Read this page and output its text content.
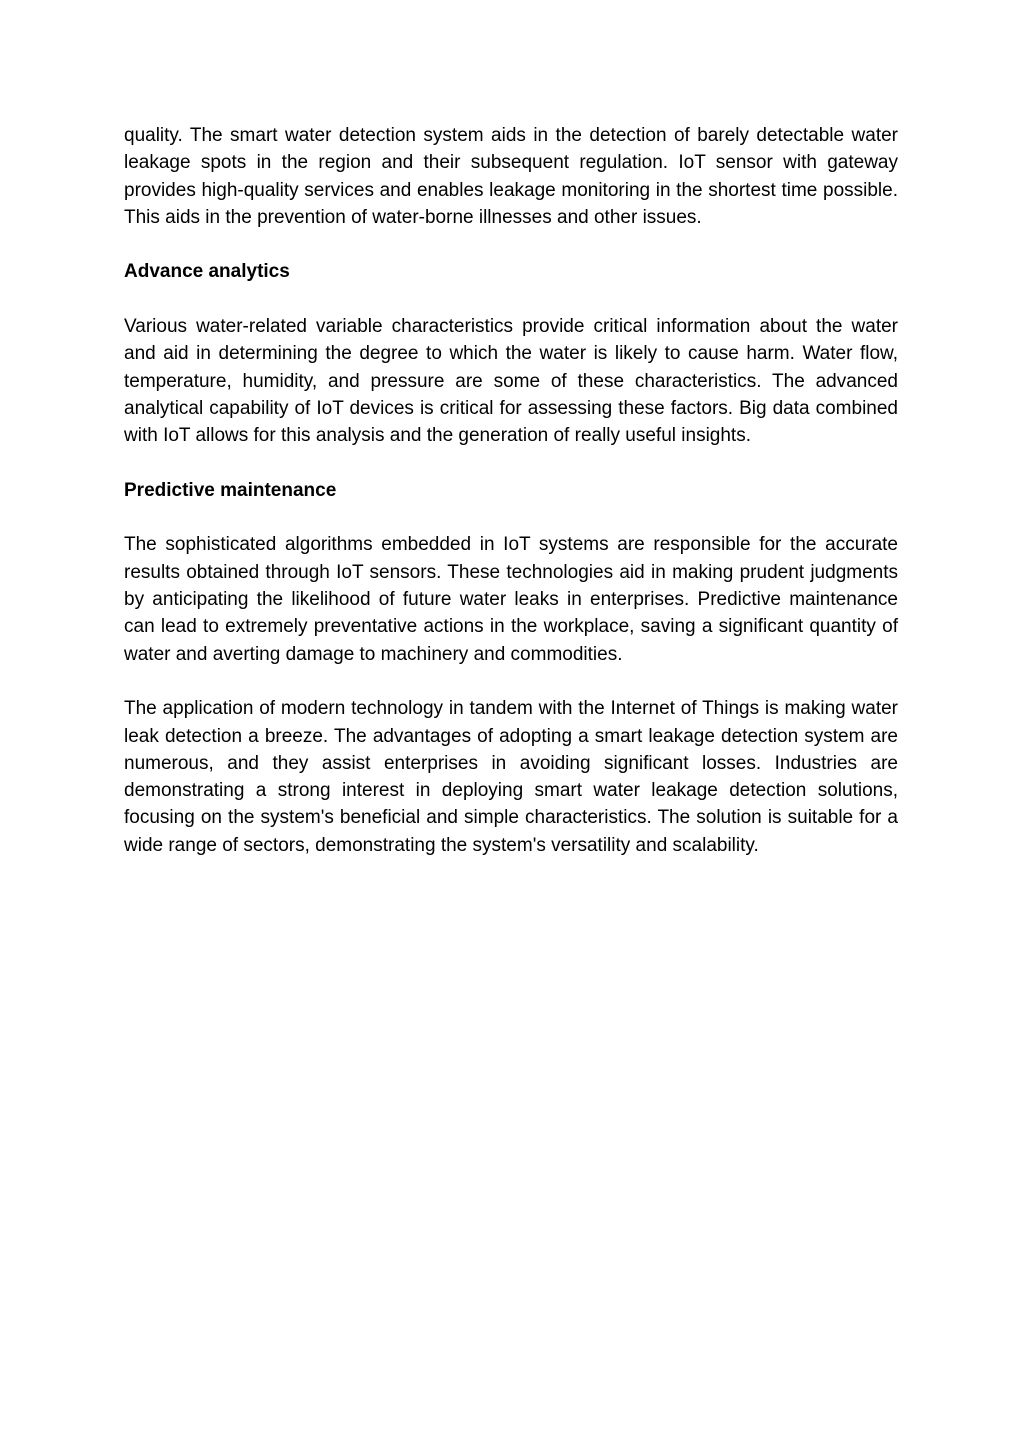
quality. The smart water detection system aids in the detection of barely detectable water leakage spots in the region and their subsequent regulation. IoT sensor with gateway provides high-quality services and enables leakage monitoring in the shortest time possible. This aids in the prevention of water-borne illnesses and other issues.

Advance analytics

Various water-related variable characteristics provide critical information about the water and aid in determining the degree to which the water is likely to cause harm. Water flow, temperature, humidity, and pressure are some of these characteristics. The advanced analytical capability of IoT devices is critical for assessing these factors. Big data combined with IoT allows for this analysis and the generation of really useful insights.

Predictive maintenance

The sophisticated algorithms embedded in IoT systems are responsible for the accurate results obtained through IoT sensors. These technologies aid in making prudent judgments by anticipating the likelihood of future water leaks in enterprises. Predictive maintenance can lead to extremely preventative actions in the workplace, saving a significant quantity of water and averting damage to machinery and commodities.

The application of modern technology in tandem with the Internet of Things is making water leak detection a breeze. The advantages of adopting a smart leakage detection system are numerous, and they assist enterprises in avoiding significant losses. Industries are demonstrating a strong interest in deploying smart water leakage detection solutions, focusing on the system's beneficial and simple characteristics. The solution is suitable for a wide range of sectors, demonstrating the system's versatility and scalability.
